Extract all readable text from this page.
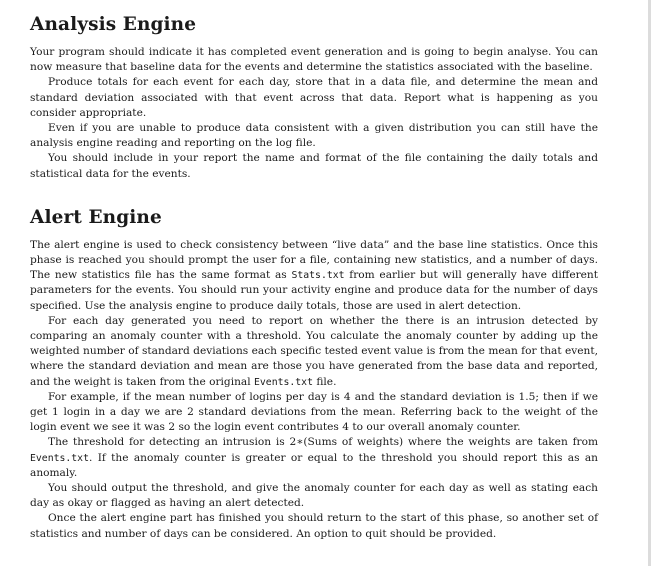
Analysis Engine

Your program should indicate it has completed event generation and is going to begin analyse. You can now measure that baseline data for the events and determine the statistics associated with the baseline.

Produce totals for each event for each day, store that in a data file, and determine the mean and standard deviation associated with that event across that data. Report what is happening as you consider appropriate.

Even if you are unable to produce data consistent with a given distribution you can still have the analysis engine reading and reporting on the log file.

You should include in your report the name and format of the file containing the daily totals and statistical data for the events.

Alert Engine

The alert engine is used to check consistency between “live data” and the base line statistics. Once this phase is reached you should prompt the user for a file, containing new statistics, and a number of days. The new statistics file has the same format as Stats.txt from earlier but will generally have different parameters for the events. You should run your activity engine and produce data for the number of days specified. Use the analysis engine to produce daily totals, those are used in alert detection.

For each day generated you need to report on whether the there is an intrusion detected by comparing an anomaly counter with a threshold. You calculate the anomaly counter by adding up the weighted number of standard deviations each specific tested event value is from the mean for that event, where the standard deviation and mean are those you have generated from the base data and reported, and the weight is taken from the original Events.txt file.

For example, if the mean number of logins per day is 4 and the standard deviation is 1.5; then if we get 1 login in a day we are 2 standard deviations from the mean. Referring back to the weight of the login event we see it was 2 so the login event contributes 4 to our overall anomaly counter.

The threshold for detecting an intrusion is 2∗(Sums of weights) where the weights are taken from Events.txt. If the anomaly counter is greater or equal to the threshold you should report this as an anomaly.

You should output the threshold, and give the anomaly counter for each day as well as stating each day as okay or flagged as having an alert detected.

Once the alert engine part has finished you should return to the start of this phase, so another set of statistics and number of days can be considered. An option to quit should be provided.
